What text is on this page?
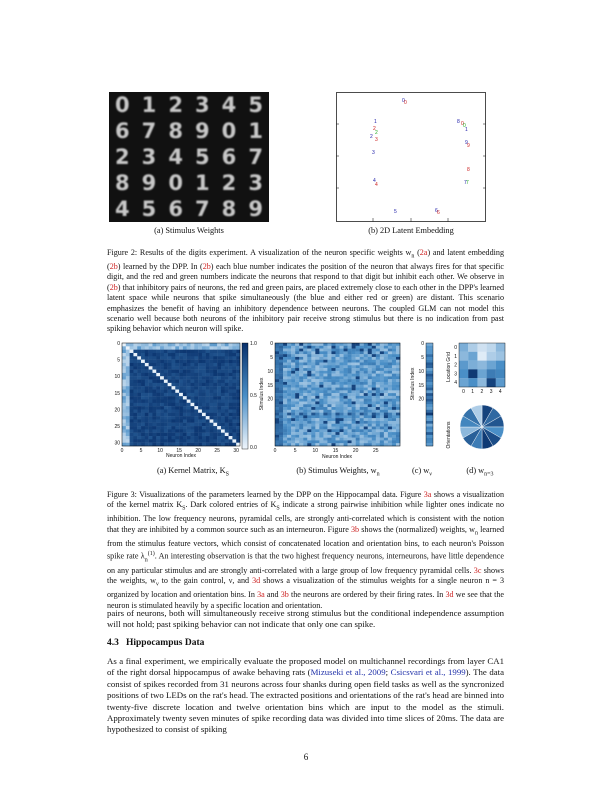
0 1 2 3 4 5
6 7 8 9 0 1
2 3 4 5 6 7
8 9 0 1 2 3
4 5 6 7 8 9
(a) Stimulus Weights
0 0
1
2
2
3
4
4
5	6 6
7 7
8
9 9
0 0
1
8
2 3
(b) 2D Latent Embedding
Figure 2: Results of the digits experiment. A visualization of the neuron specific weights $w_n$ (2a) and latent embedding (2b) learned by the DPP. In (2b) each blue number indicates the position of the neuron that always fires for that specific digit, and the red and green numbers indicate the neurons that respond to that digit but inhibit each other. We observe in (2b) that inhibitory pairs of neurons, the red and green pairs, are placed extremely close to each other in the DPP's learned latent space while neurons that spike simultaneously (the blue and either red or green) are distant. This scenario emphasizes the benefit of having an inhibitory dependence between neurons. The coupled GLM can not model this scenario well because both neurons of the inhibitory pair receive strong stimulus but there is no indication from past spiking behavior which neuron will spike.
0
5
10
15
20
25
30
0	5	10	15	20	25	30
Neuron Index
1.0
0.5
0.0
(a) Kernel Matrix, $K_S$
0
5
10
15
20
0	5	10	15	20	25
Stimulus Index
Neuron Index
(b) Stimulus Weights, $w_n$
0
5
10
15
20
Stimulus Index
(c) $w_\nu$
0
1
2
3
4
0 1 2 3 4
Location Grid
Orientations
(d) $w_{n=3}$
Figure 3: Visualizations of the parameters learned by the DPP on the Hippocampal data. Figure 3a shows a visualization of the kernel matrix $K_S$. Dark colored entries of $K_S$ indicate a strong pairwise inhibition while lighter ones indicate no inhibition. The low frequency neurons, pyramidal cells, are strongly anti-correlated which is consistent with the notion that they are inhibited by a common source such as an interneuron. Figure 3b shows the (normalized) weights, $w_n$ learned from the stimulus feature vectors, which consist of concatenated location and orientation bins, to each neuron's Poisson spike rate $\lambda_n^{(1)}$. An interesting observation is that the two highest frequency neurons, interneurons, have little dependence on any particular stimulus and are strongly anti-correlated with a large group of low frequency pyramidal cells. 3c shows the weights, $w_\nu$ to the gain control, ν, and 3d shows a visualization of the stimulus weights for a single neuron n = 3 organized by location and orientation bins. In 3a and 3b the neurons are ordered by their firing rates. In 3d we see that the neuron is stimulated heavily by a specific location and orientation.

pairs of neurons, both will simultaneously receive strong stimulus but the conditional independence assumption will not hold; past spiking behavior can not indicate that only one can spike.

4.3   Hippocampus Data
As a final experiment, we empirically evaluate the proposed model on multichannel recordings from layer CA1 of the right dorsal hippocampus of awake behaving rats (Mizuseki et al., 2009; Csicsvari et al., 1999). The data consist of spikes recorded from 31 neurons across four shanks during open field tasks as well as the syncronized positions of two LEDs on the rat's head. The extracted positions and orientations of the rat's head are binned into twenty-five discrete location and twelve orientation bins which are input to the model as the stimuli. Approximately twenty seven minutes of spike recording data was divided into time slices of 20ms. The data are hypothesized to consist of spiking
6
